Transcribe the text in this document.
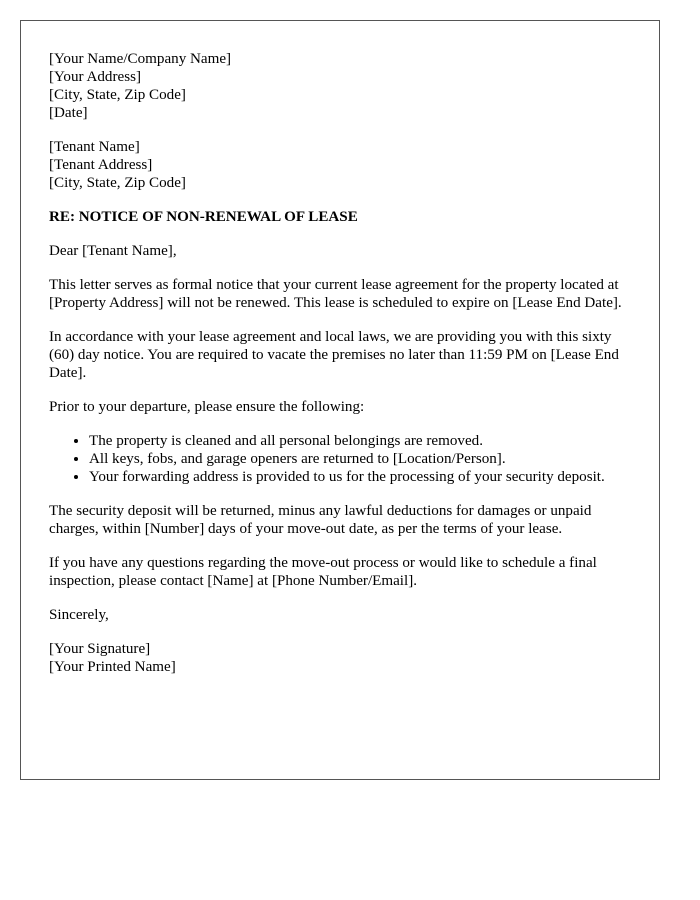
[Your Name/Company Name]
[Your Address]
[City, State, Zip Code]
[Date]
[Tenant Name]
[Tenant Address]
[City, State, Zip Code]
RE: NOTICE OF NON-RENEWAL OF LEASE

Dear [Tenant Name],

This letter serves as formal notice that your current lease agreement for the property located at [Property Address] will not be renewed. This lease is scheduled to expire on [Lease End Date].

In accordance with your lease agreement and local laws, we are providing you with this sixty (60) day notice. You are required to vacate the premises no later than 11:59 PM on [Lease End Date].

Prior to your departure, please ensure the following:

• The property is cleaned and all personal belongings are removed.
• All keys, fobs, and garage openers are returned to [Location/Person].
• Your forwarding address is provided to us for the processing of your security deposit.

The security deposit will be returned, minus any lawful deductions for damages or unpaid charges, within [Number] days of your move-out date, as per the terms of your lease.

If you have any questions regarding the move-out process or would like to schedule a final inspection, please contact [Name] at [Phone Number/Email].

Sincerely,

[Your Signature]
[Your Printed Name]
